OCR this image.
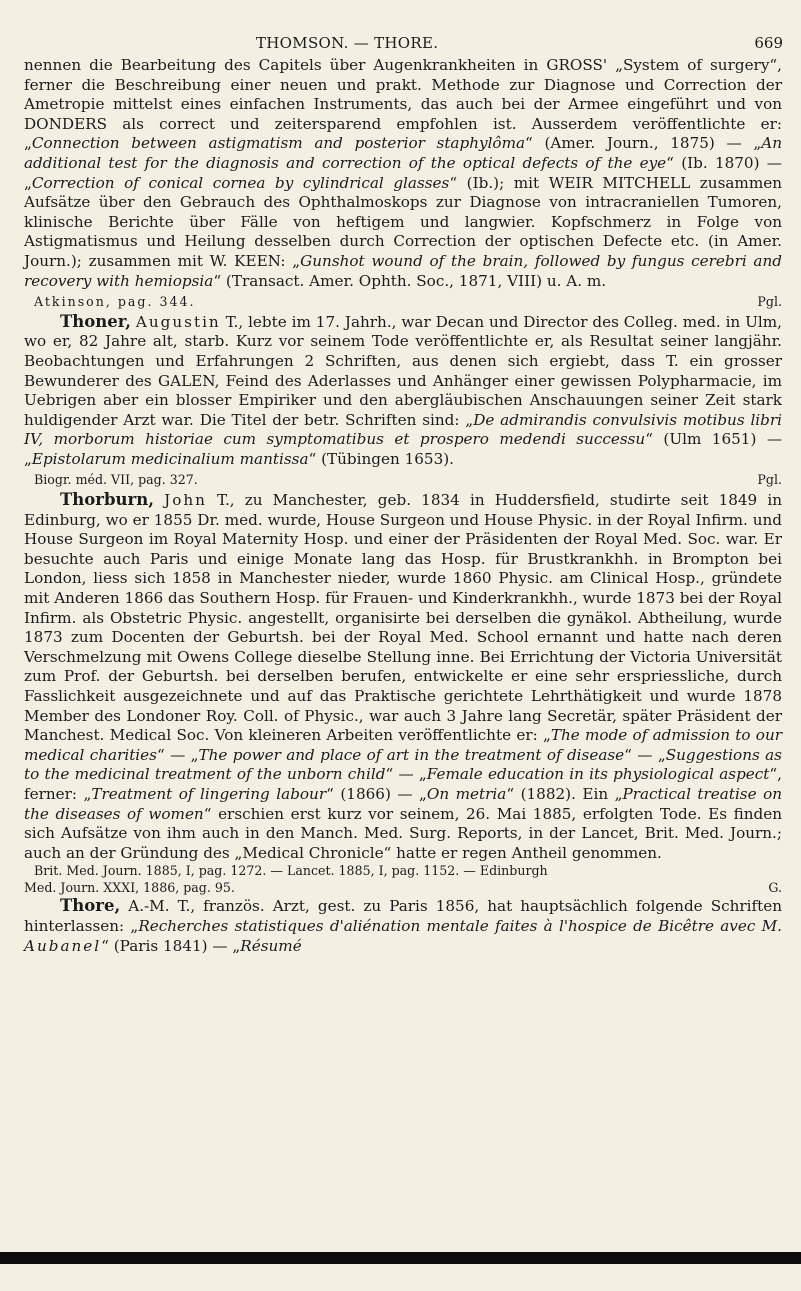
THOMSON. — THORE.	669

nennen die Bearbeitung des Capitels über Augenkrankheiten in GROSS' „System of surgery“, ferner die Beschreibung einer neuen und prakt. Methode zur Diagnose und Correction der Ametropie mittelst eines einfachen Instruments, das auch bei der Armee eingeführt und von DONDERS als correct und zeitersparend empfohlen ist. Ausserdem veröffentlichte er: „Connection between astigmatism and posterior staphylôma“ (Amer. Journ., 1875) — „An additional test for the diagnosis and correction of the optical defects of the eye“ (Ib. 1870) — „Correction of conical cornea by cylindrical glasses“ (Ib.); mit WEIR MITCHELL zusammen Aufsätze über den Gebrauch des Ophthalmoskops zur Diagnose von intracraniellen Tumoren, klinische Berichte über Fälle von heftigem und langwier. Kopfschmerz in Folge von Astigmatismus und Heilung desselben durch Correction der optischen Defecte etc. (in Amer. Journ.); zusammen mit W. KEEN: „Gunshot wound of the brain, followed by fungus cerebri and recovery with hemiopsia“ (Transact. Amer. Ophth. Soc., 1871, VIII) u. A. m.

Atkinson, pag. 344.	Pgl.

Thoner, Augustin T., lebte im 17. Jahrh., war Decan und Director des Colleg. med. in Ulm, wo er, 82 Jahre alt, starb. Kurz vor seinem Tode veröffentlichte er, als Resultat seiner langjähr. Beobachtungen und Erfahrungen 2 Schriften, aus denen sich ergiebt, dass T. ein grosser Bewunderer des GALEN, Feind des Aderlasses und Anhänger einer gewissen Polypharmacie, im Uebrigen aber ein blosser Empiriker und den abergläubischen Anschauungen seiner Zeit stark huldigender Arzt war. Die Titel der betr. Schriften sind: „De admirandis convulsivis motibus libri IV, morborum historiae cum symptomatibus et prospero medendi successu“ (Ulm 1651) — „Epistolarum medicinalium mantissa“ (Tübingen 1653).

Biogr. méd. VII, pag. 327.	Pgl.

Thorburn, John T., zu Manchester, geb. 1834 in Huddersfield, studirte seit 1849 in Edinburg, wo er 1855 Dr. med. wurde, House Surgeon und House Physic. in der Royal Infirm. und House Surgeon im Royal Maternity Hosp. und einer der Präsidenten der Royal Med. Soc. war. Er besuchte auch Paris und einige Monate lang das Hosp. für Brustkrankhh. in Brompton bei London, liess sich 1858 in Manchester nieder, wurde 1860 Physic. am Clinical Hosp., gründete mit Anderen 1866 das Southern Hosp. für Frauen- und Kinderkrankhh., wurde 1873 bei der Royal Infirm. als Obstetric Physic. angestellt, organisirte bei derselben die gynäkol. Abtheilung, wurde 1873 zum Docenten der Geburtsh. bei der Royal Med. School ernannt und hatte nach deren Verschmelzung mit Owens College dieselbe Stellung inne. Bei Errichtung der Victoria Universität zum Prof. der Geburtsh. bei derselben berufen, entwickelte er eine sehr erspriessliche, durch Fasslichkeit ausgezeichnete und auf das Praktische gerichtete Lehrthätigkeit und wurde 1878 Member des Londoner Roy. Coll. of Physic., war auch 3 Jahre lang Secretär, später Präsident der Manchest. Medical Soc. Von kleineren Arbeiten veröffentlichte er: „The mode of admission to our medical charities“ — „The power and place of art in the treatment of disease“ — „Suggestions as to the medicinal treatment of the unborn child“ — „Female education in its physiological aspect“, ferner: „Treatment of lingering labour“ (1866) — „On metria“ (1882). Ein „Practical treatise on the diseases of women“ erschien erst kurz vor seinem, 26. Mai 1885, erfolgten Tode. Es finden sich Aufsätze von ihm auch in den Manch. Med. Surg. Reports, in der Lancet, Brit. Med. Journ.; auch an der Gründung des „Medical Chronicle“ hatte er regen Antheil genommen.

Brit. Med. Journ. 1885, I, pag. 1272. — Lancet. 1885, I, pag. 1152. — Edinburgh
Med. Journ. XXXI, 1886, pag. 95.	G.

Thore, A.-M. T., französ. Arzt, gest. zu Paris 1856, hat hauptsächlich folgende Schriften hinterlassen: „Recherches statistiques d'aliénation mentale faites à l'hospice de Bicêtre avec M. Aubanel“ (Paris 1841) — „Résumé
